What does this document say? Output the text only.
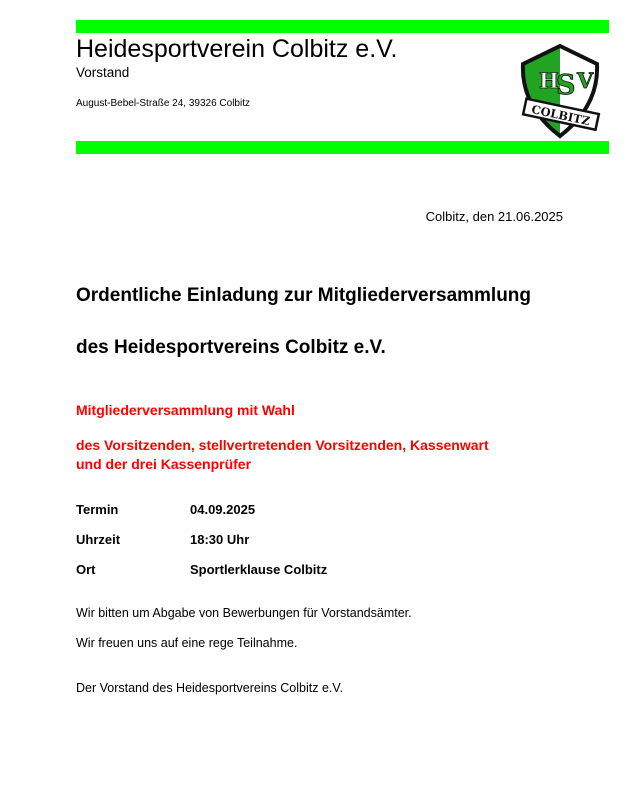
Heidesportverein Colbitz e.V.
Vorstand
August-Bebel-Straße 24, 39326 Colbitz
H
S V
COLBITZ
Colbitz, den 21.06.2025
Ordentliche Einladung zur Mitgliederversammlung
des Heidesportvereins Colbitz e.V.
Mitgliederversammlung mit Wahl
des Vorsitzenden, stellvertretenden Vorsitzenden, Kassenwart
und der drei Kassenprüfer
Termin	04.09.2025
Uhrzeit	18:30 Uhr
Ort	Sportlerklause Colbitz
Wir bitten um Abgabe von Bewerbungen für Vorstandsämter.
Wir freuen uns auf eine rege Teilnahme.
Der Vorstand des Heidesportvereins Colbitz e.V.
